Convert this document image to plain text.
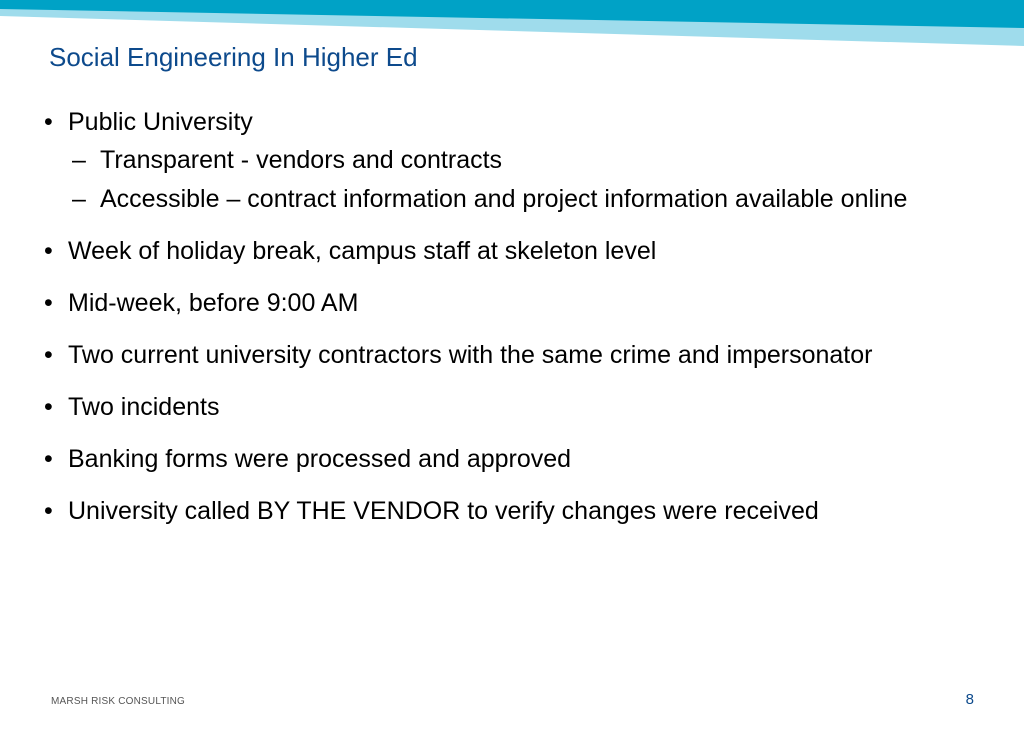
Social Engineering In Higher Ed
• Public University
– Transparent - vendors and contracts
– Accessible – contract information and project information available online
• Week of holiday break, campus staff at skeleton level
• Mid-week, before 9:00 AM
• Two current university contractors with the same crime and impersonator
• Two incidents
• Banking forms were processed and approved
• University called BY THE VENDOR to verify changes were received
MARSH RISK CONSULTING	8
